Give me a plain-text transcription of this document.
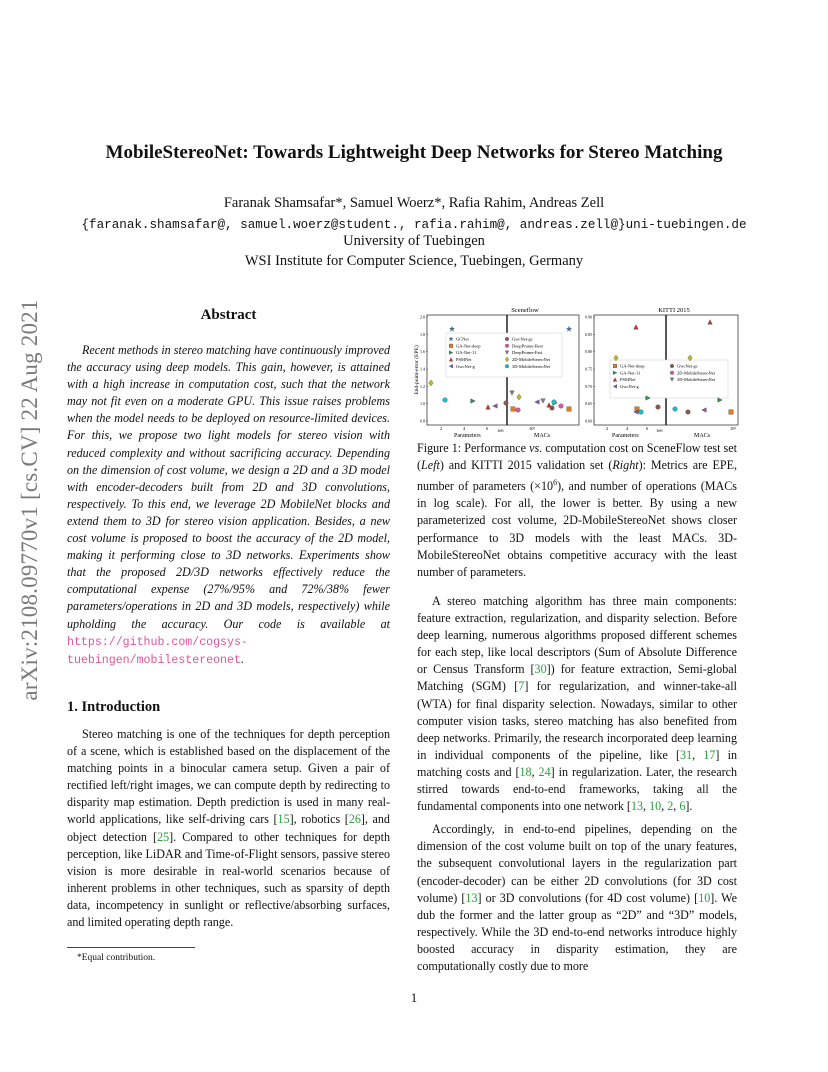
arXiv:2108.09770v1 [cs.CV] 22 Aug 2021
MobileStereoNet: Towards Lightweight Deep Networks for Stereo Matching
Faranak Shamsafar*, Samuel Woerz*, Rafia Rahim, Andreas Zell
{faranak.shamsafar@, samuel.woerz@student., rafia.rahim@, andreas.zell@}uni-tuebingen.de
University of Tuebingen
WSI Institute for Computer Science, Tuebingen, Germany
Abstract

Recent methods in stereo matching have continuously improved the accuracy using deep models. This gain, however, is attained with a high increase in computation cost, such that the network may not fit even on a moderate GPU. This issue raises problems when the model needs to be deployed on resource-limited devices. For this, we propose two light models for stereo vision with reduced complexity and without sacrificing accuracy. Depending on the dimension of cost volume, we design a 2D and a 3D model with encoder-decoders built from 2D and 3D convolutions, respectively. To this end, we leverage 2D MobileNet blocks and extend them to 3D for stereo vision application. Besides, a new cost volume is proposed to boost the accuracy of the 2D model, making it performing close to 3D networks. Experiments show that the proposed 2D/3D networks effectively reduce the computational expense (27%/95% and 72%/38% fewer parameters/operations in 2D and 3D models, respectively) while upholding the accuracy. Our code is available at https://github.com/cogsys-tuebingen/mobilestereonet.

1. Introduction

Stereo matching is one of the techniques for depth perception of a scene, which is established based on the displacement of the matching points in a binocular camera setup. Given a pair of rectified left/right images, we can compute depth by redirecting to disparity map estimation. Depth prediction is used in many real-world applications, like self-driving cars [15], robotics [26], and object detection [25]. Compared to other techniques for depth perception, like LiDAR and Time-of-Flight sensors, passive stereo vision is more desirable in real-world scenarios because of inherent problems in other techniques, such as sparsity of depth data, incompetency in sunlight or reflective/absorbing surfaces, and limited operating depth range.

*Equal contribution.
1
Sceneflow
End-point-error (EPE)
2.0
1.8
1.6
1.4
1.2
1.0
0.8
2	4	6	10²
1e6
Parameters	MACs
GCNet
GA-Net-deep
GA-Net-11
PSMNet
GwcNet-g
GwcNet-gc
DeepPruner-Best
DeepPruner-Fast
2D-MobileStereoNet
3D-MobileStereoNet
KITTI 2015
0.90
0.85
0.80
0.75
0.70
0.65
0.60
2	4	6	10³
1e6
Parameters	MACs
GA-Net-deep
GA-Net-11
PSMNet
GwcNet-g
GwcNet-gc
2D-MobileStereoNet
3D-MobileStereoNet
Figure 1: Performance vs. computation cost on SceneFlow test set (Left) and KITTI 2015 validation set (Right): Metrics are EPE, number of parameters $(\times 10^6)$, and number of operations (MACs in log scale). For all, the lower is better. By using a new parameterized cost volume, 2D-MobileStereoNet shows closer performance to 3D models with the least MACs. 3D-MobileStereoNet obtains competitive accuracy with the least number of parameters.

A stereo matching algorithm has three main components: feature extraction, regularization, and disparity selection. Before deep learning, numerous algorithms proposed different schemes for each step, like local descriptors (Sum of Absolute Difference or Census Transform [30]) for feature extraction, Semi-global Matching (SGM) [7] for regularization, and winner-take-all (WTA) for final disparity selection. Nowadays, similar to other computer vision tasks, stereo matching has also benefited from deep networks. Primarily, the research incorporated deep learning in individual components of the pipeline, like [31, 17] in matching costs and [18, 24] in regularization. Later, the research stirred towards end-to-end frameworks, taking all the fundamental components into one network [13, 10, 2, 6].

Accordingly, in end-to-end pipelines, depending on the dimension of the cost volume built on top of the unary features, the subsequent convolutional layers in the regularization part (encoder-decoder) can be either 2D convolutions (for 3D cost volume) [13] or 3D convolutions (for 4D cost volume) [10]. We dub the former and the latter group as “2D” and “3D” models, respectively. While the 3D end-to-end networks introduce highly boosted accuracy in disparity estimation, they are computationally costly due to more
